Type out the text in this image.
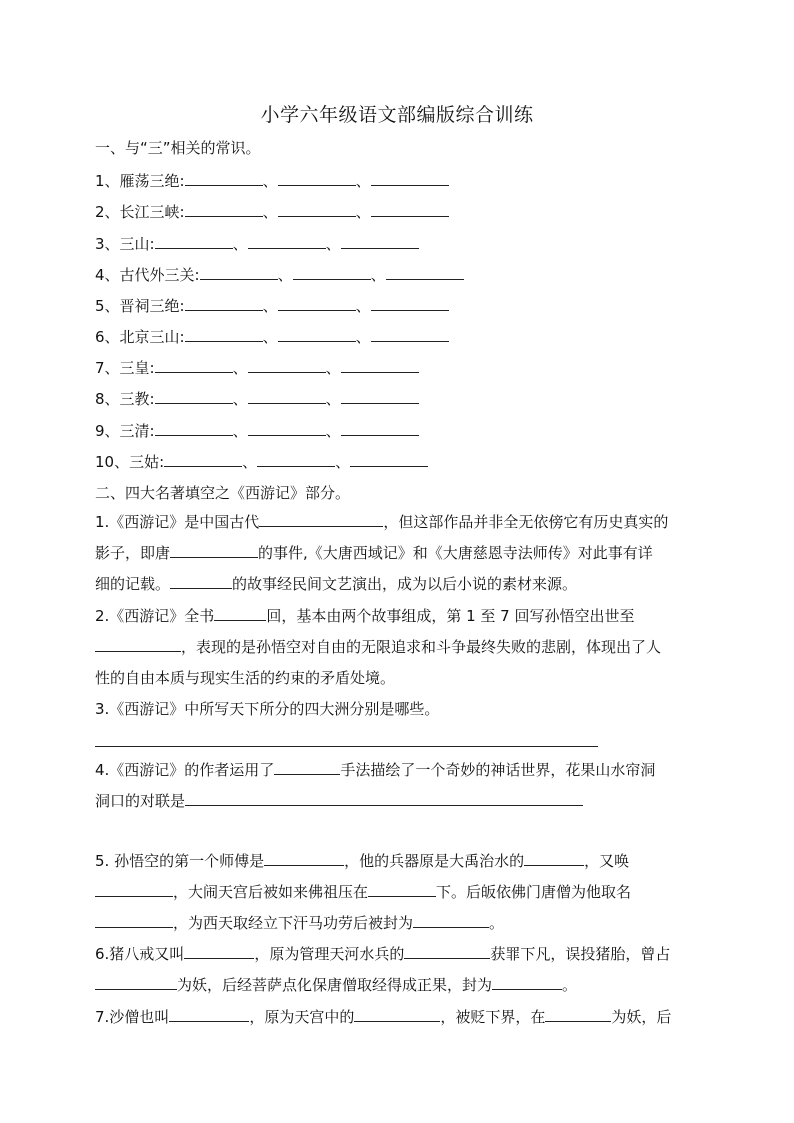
小学六年级语文部编版综合训练
一、与“三”相关的常识。
1、雁荡三绝:	、	、
2、长江三峡:	、	、
3、三山:	、	、
4、古代外三关:	、	、
5、晋祠三绝:	、	、
6、北京三山:	、	、
7、三皇:	、	、
8、三教:	、	、
9、三清:	、	、
10、三姑:	、	、
二、四大名著填空之《西游记》部分。
1.《西游记》是中国古代	，但这部作品并非全无依傍它有历史真实的
影子，即唐	的事件,《大唐西域记》和《大唐慈恩寺法师传》对此事有详
细的记载。	的故事经民间文艺演出，成为以后小说的素材来源。
2.《西游记》全书	回，基本由两个故事组成，第 1 至 7 回写孙悟空出世至
，表现的是孙悟空对自由的无限追求和斗争最终失败的悲剧，体现出了人
性的自由本质与现实生活的约束的矛盾处境。
3.《西游记》中所写天下所分的四大洲分别是哪些。
4.《西游记》的作者运用了	手法描绘了一个奇妙的神话世界，花果山水帘洞
洞口的对联是
5. 孙悟空的第一个师傅是	，他的兵器原是大禹治水的	，又唤
，大闹天宫后被如来佛祖压在	下。后皈依佛门唐僧为他取名
，为西天取经立下汗马功劳后被封为	。
6.猪八戒又叫	，原为管理天河水兵的	获罪下凡，误投猪胎，曾占
为妖，后经菩萨点化保唐僧取经得成正果，封为	。
7.沙僧也叫	，原为天宫中的	，被贬下界，在	为妖，后
